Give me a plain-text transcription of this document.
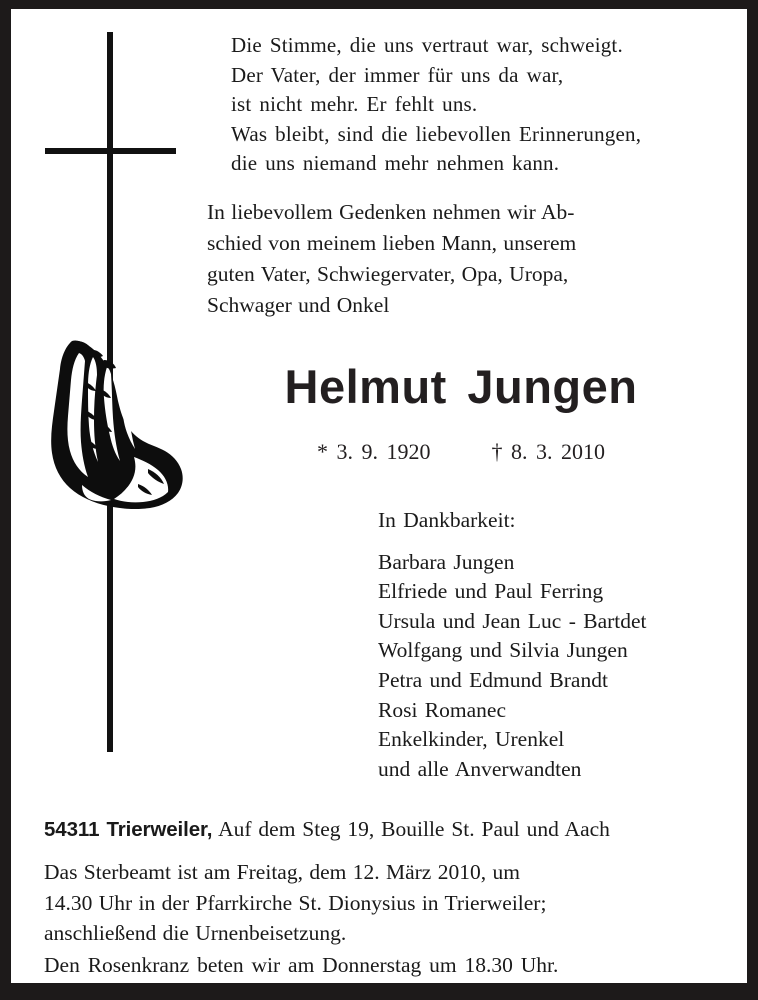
Die Stimme, die uns vertraut war, schweigt.
Der Vater, der immer für uns da war,
ist nicht mehr. Er fehlt uns.
Was bleibt, sind die liebevollen Erinnerungen,
die uns niemand mehr nehmen kann.
In liebevollem Gedenken nehmen wir Ab-
schied von meinem lieben Mann, unserem
guten Vater, Schwiegervater, Opa, Uropa,
Schwager und Onkel
Helmut Jungen
* 3. 9. 1920	† 8. 3. 2010
In Dankbarkeit:
Barbara Jungen
Elfriede und Paul Ferring
Ursula und Jean Luc - Bartdet
Wolfgang und Silvia Jungen
Petra und Edmund Brandt
Rosi Romanec
Enkelkinder, Urenkel
und alle Anverwandten
54311 Trierweiler, Auf dem Steg 19, Bouille St. Paul und Aach
Das Sterbeamt ist am Freitag, dem 12. März 2010, um
14.30 Uhr in der Pfarrkirche St. Dionysius in Trierweiler;
anschließend die Urnenbeisetzung.
Den Rosenkranz beten wir am Donnerstag um 18.30 Uhr.
